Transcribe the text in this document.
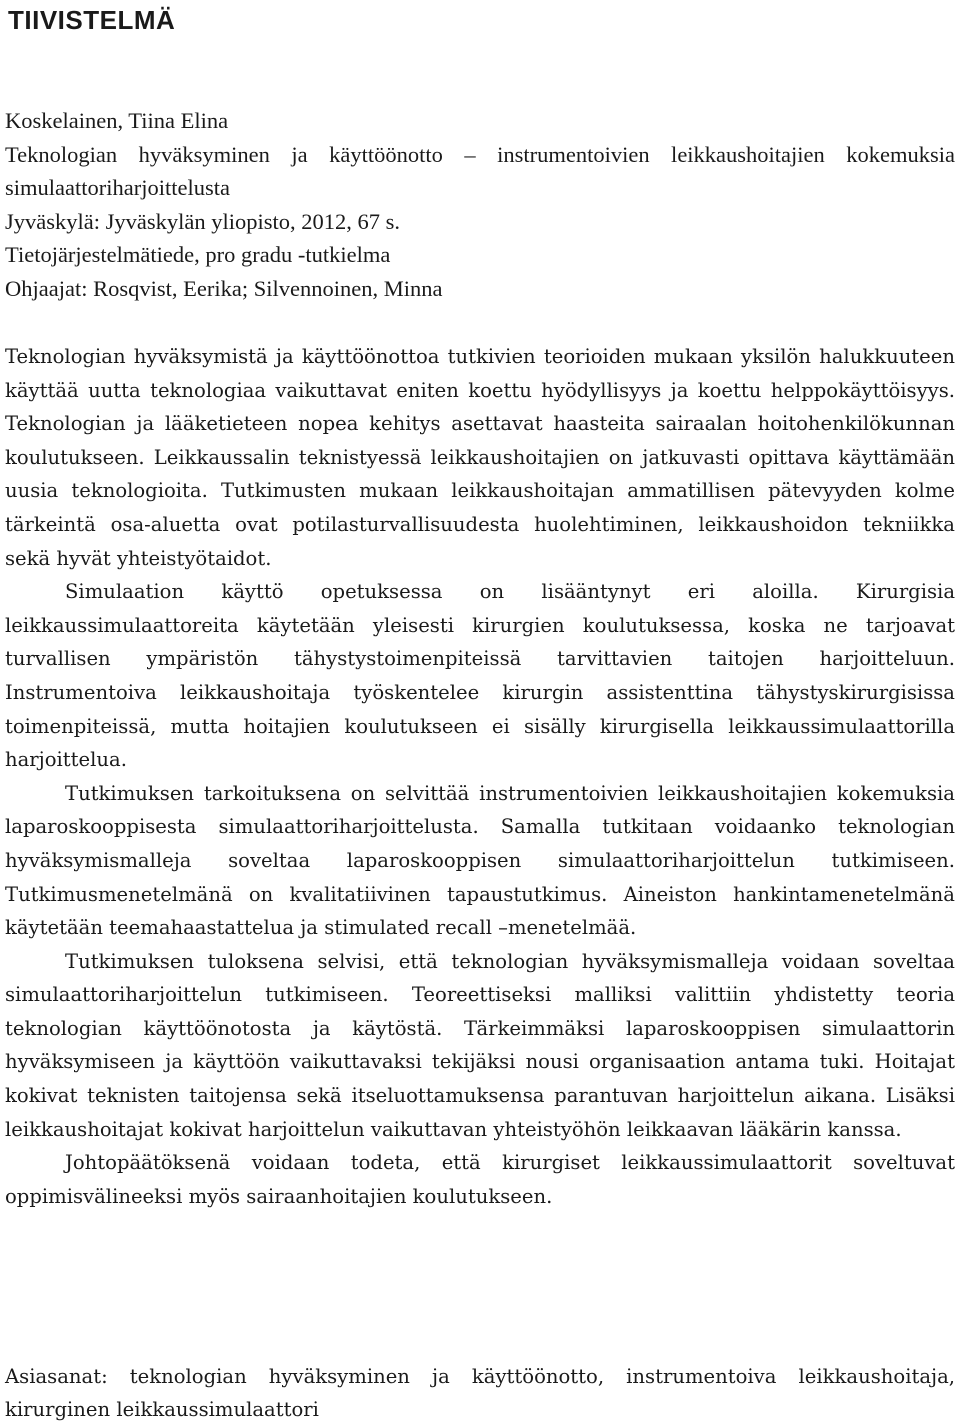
TIIVISTELMÄ
Koskelainen, Tiina Elina
Teknologian hyväksyminen ja käyttöönotto – instrumentoivien leikkaushoitajien kokemuksia simulaattoriharjoittelusta
Jyväskylä: Jyväskylän yliopisto, 2012, 67 s.
Tietojärjestelmätiede, pro gradu -tutkielma
Ohjaajat: Rosqvist, Eerika; Silvennoinen, Minna

Teknologian hyväksymistä ja käyttöönottoa tutkivien teorioiden mukaan yksilön halukkuuteen käyttää uutta teknologiaa vaikuttavat eniten koettu hyödyllisyys ja koettu helppokäyttöisyys. Teknologian ja lääketieteen nopea kehitys asettavat haasteita sairaalan hoitohenkilökunnan koulutukseen. Leikkaussalin teknistyessä leikkaushoitajien on jatkuvasti opittava käyttämään uusia teknologioita. Tutkimusten mukaan leikkaushoitajan ammatillisen pätevyyden kolme tärkeintä osa-aluetta ovat potilasturvallisuudesta huolehtiminen, leikkaushoidon tekniikka sekä hyvät yhteistyötaidot.

Simulaation käyttö opetuksessa on lisääntynyt eri aloilla. Kirurgisia leikkaussimulaattoreita käytetään yleisesti kirurgien koulutuksessa, koska ne tarjoavat turvallisen ympäristön tähystystoimenpiteissä tarvittavien taitojen harjoitteluun. Instrumentoiva leikkaushoitaja työskentelee kirurgin assistenttina tähystyskirurgisissa toimenpiteissä, mutta hoitajien koulutukseen ei sisälly kirurgisella leikkaussimulaattorilla harjoittelua.

Tutkimuksen tarkoituksena on selvittää instrumentoivien leikkaushoitajien kokemuksia laparoskooppisesta simulaattoriharjoittelusta. Samalla tutkitaan voidaanko teknologian hyväksymismalleja soveltaa laparoskooppisen simulaattoriharjoittelun tutkimiseen. Tutkimusmenetelmänä on kvalitatiivinen tapaustutkimus. Aineiston hankintamenetelmänä käytetään teemahaastattelua ja stimulated recall –menetelmää.

Tutkimuksen tuloksena selvisi, että teknologian hyväksymismalleja voidaan soveltaa simulaattoriharjoittelun tutkimiseen. Teoreettiseksi malliksi valittiin yhdistetty teoria teknologian käyttöönotosta ja käytöstä. Tärkeimmäksi laparoskooppisen simulaattorin hyväksymiseen ja käyttöön vaikuttavaksi tekijäksi nousi organisaation antama tuki. Hoitajat kokivat teknisten taitojensa sekä itseluottamuksensa parantuvan harjoittelun aikana. Lisäksi leikkaushoitajat kokivat harjoittelun vaikuttavan yhteistyöhön leikkaavan lääkärin kanssa.

Johtopäätöksenä voidaan todeta, että kirurgiset leikkaussimulaattorit soveltuvat oppimisvälineeksi myös sairaanhoitajien koulutukseen.

Asiasanat: teknologian hyväksyminen ja käyttöönotto, instrumentoiva leikkaushoitaja, kirurginen leikkaussimulaattori
